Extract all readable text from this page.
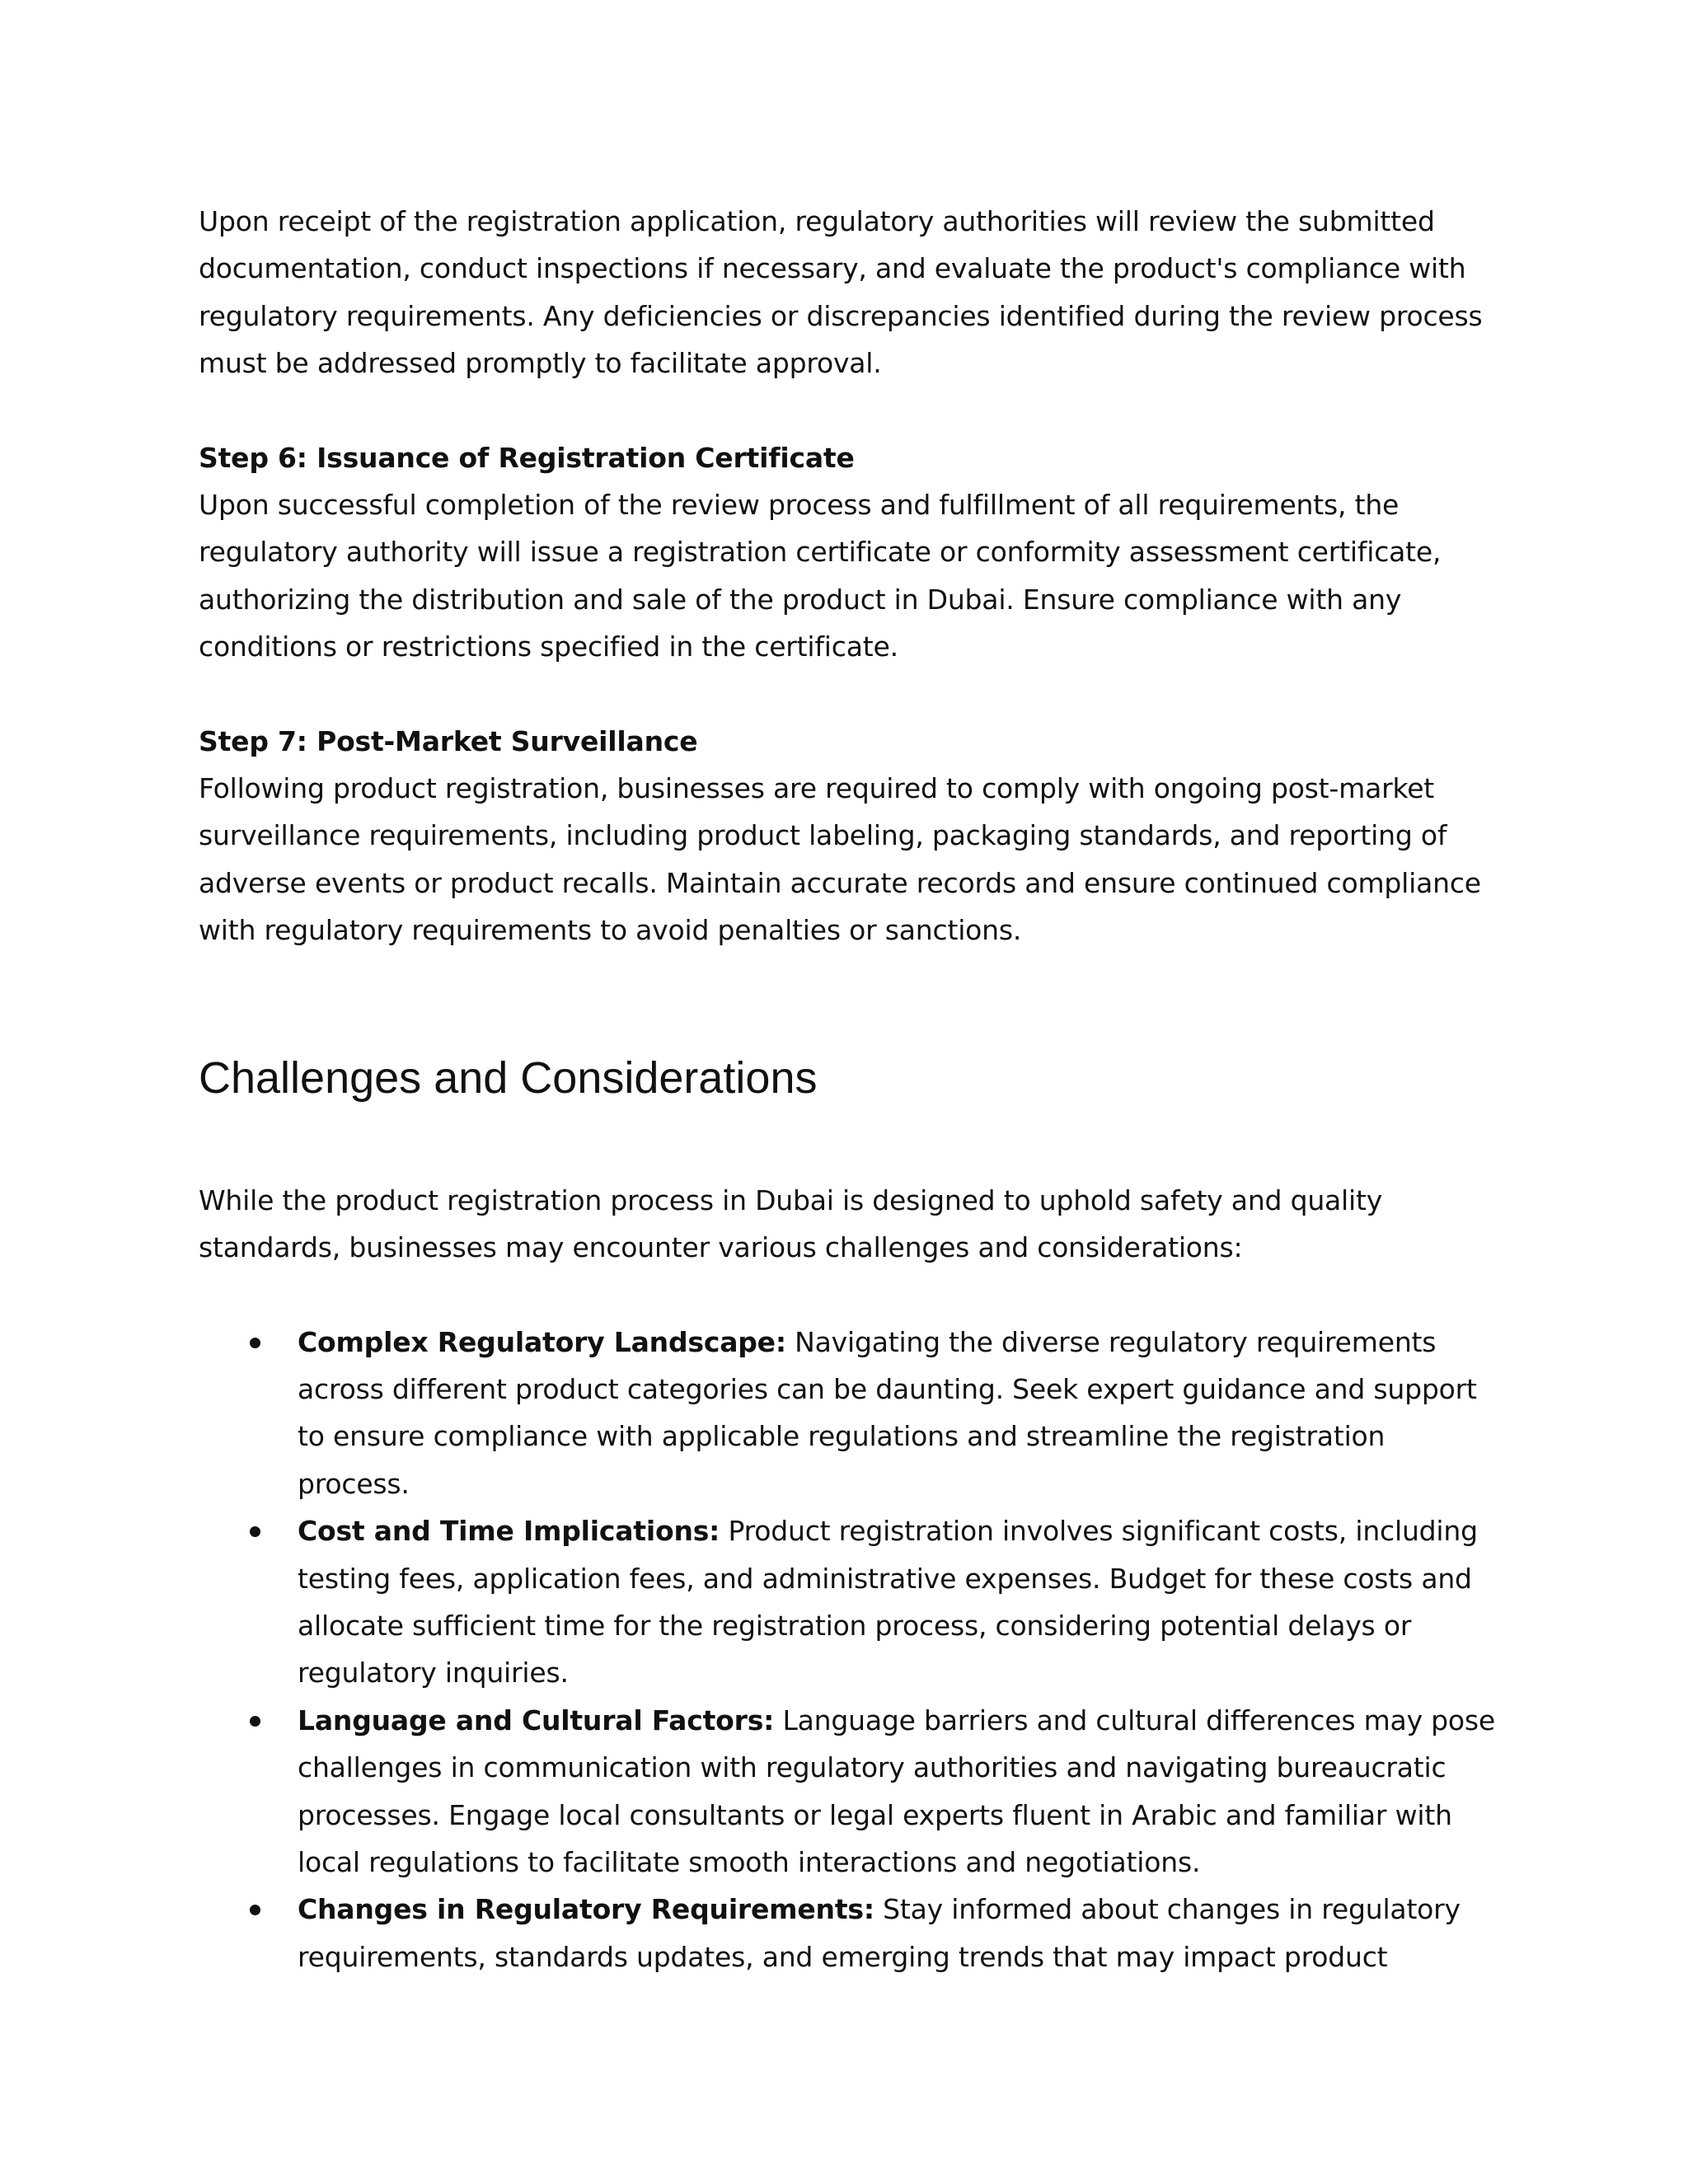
Upon receipt of the registration application, regulatory authorities will review the submitted documentation, conduct inspections if necessary, and evaluate the product's compliance with regulatory requirements. Any deficiencies or discrepancies identified during the review process must be addressed promptly to facilitate approval.

Step 6: Issuance of Registration Certificate

Upon successful completion of the review process and fulfillment of all requirements, the regulatory authority will issue a registration certificate or conformity assessment certificate, authorizing the distribution and sale of the product in Dubai. Ensure compliance with any conditions or restrictions specified in the certificate.

Step 7: Post-Market Surveillance

Following product registration, businesses are required to comply with ongoing post-market surveillance requirements, including product labeling, packaging standards, and reporting of adverse events or product recalls. Maintain accurate records and ensure continued compliance with regulatory requirements to avoid penalties or sanctions.

Challenges and Considerations

While the product registration process in Dubai is designed to uphold safety and quality standards, businesses may encounter various challenges and considerations:

Complex Regulatory Landscape: Navigating the diverse regulatory requirements across different product categories can be daunting. Seek expert guidance and support to ensure compliance with applicable regulations and streamline the registration process.
Cost and Time Implications: Product registration involves significant costs, including testing fees, application fees, and administrative expenses. Budget for these costs and allocate sufficient time for the registration process, considering potential delays or regulatory inquiries.
Language and Cultural Factors: Language barriers and cultural differences may pose challenges in communication with regulatory authorities and navigating bureaucratic processes. Engage local consultants or legal experts fluent in Arabic and familiar with local regulations to facilitate smooth interactions and negotiations.
Changes in Regulatory Requirements: Stay informed about changes in regulatory requirements, standards updates, and emerging trends that may impact product
